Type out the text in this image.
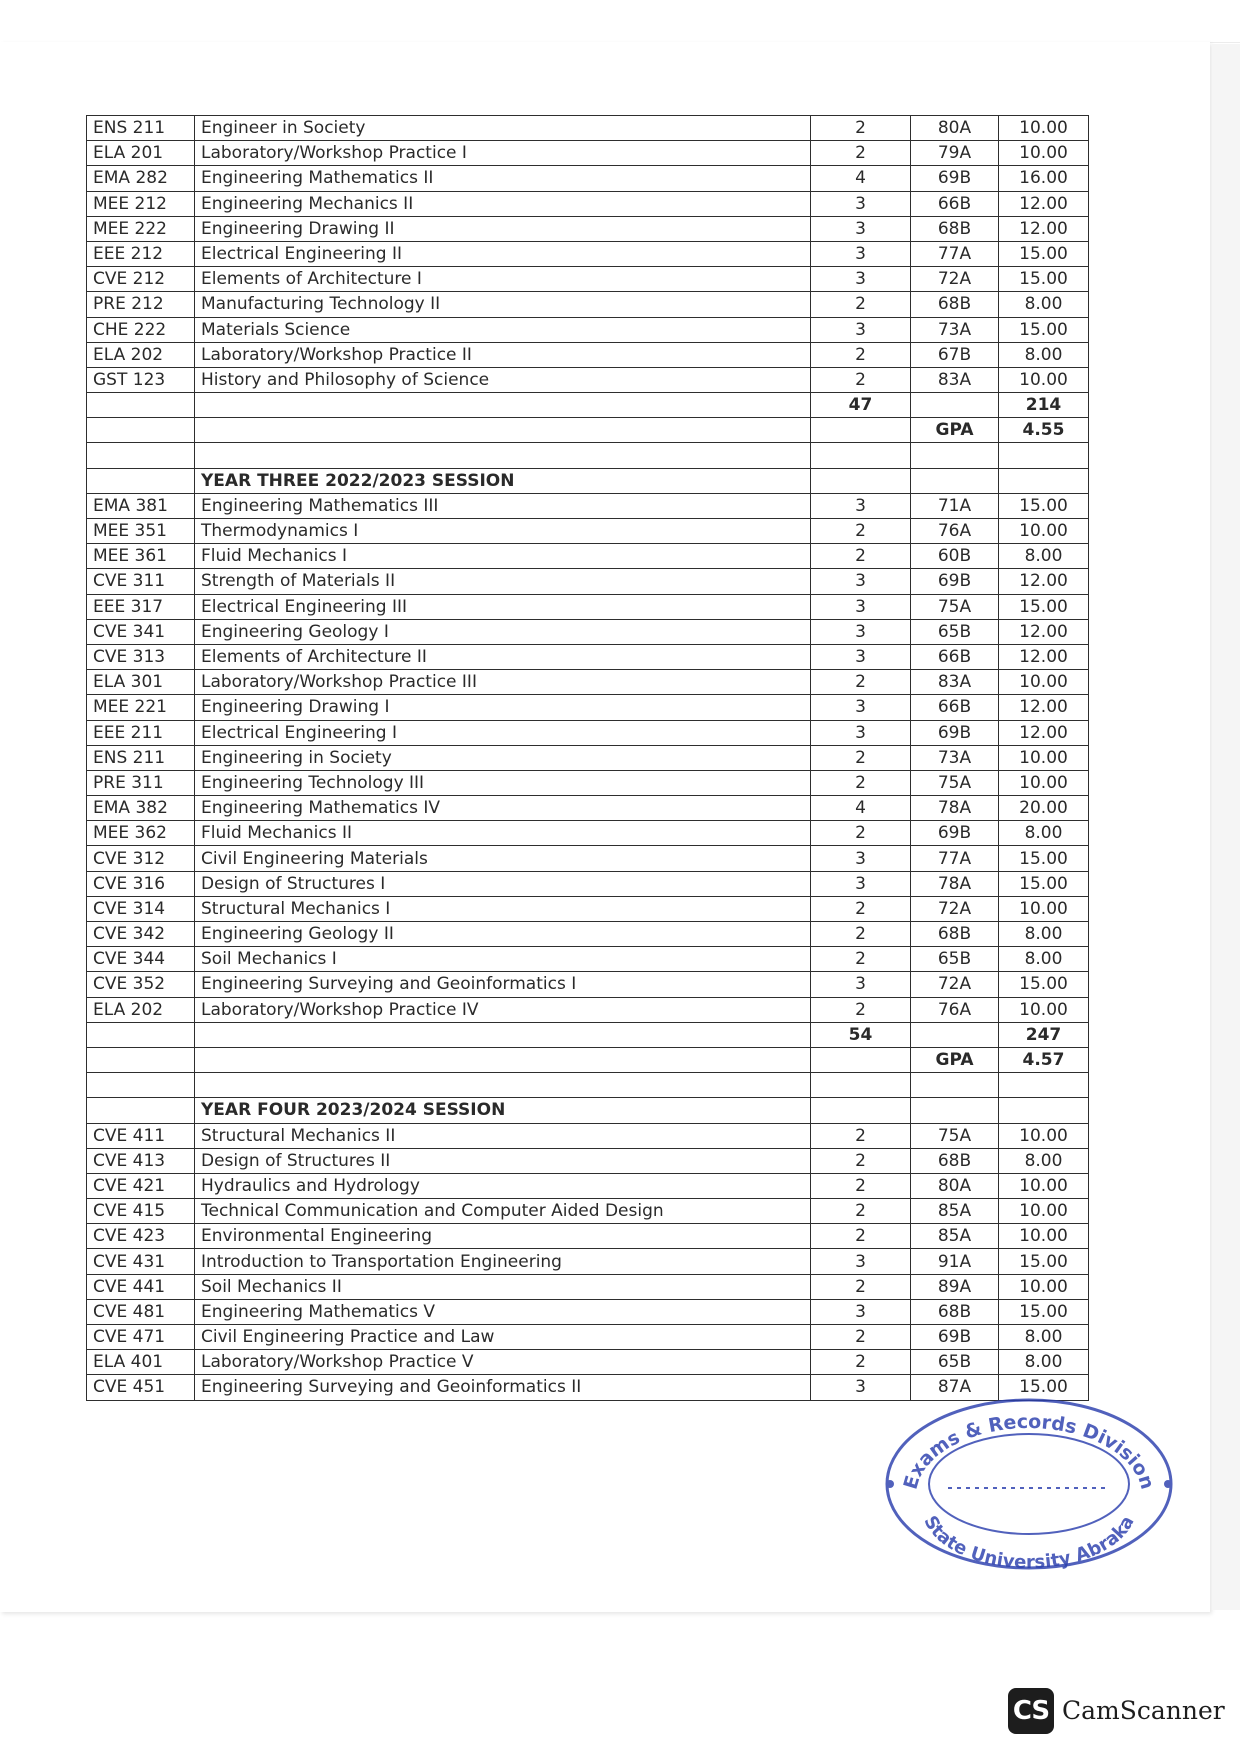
ENS 211	Engineer in Society	2	80A	10.00
ELA 201	Laboratory/Workshop Practice I	2	79A	10.00
EMA 282	Engineering Mathematics II	4	69B	16.00
MEE 212	Engineering Mechanics II	3	66B	12.00
MEE 222	Engineering Drawing II	3	68B	12.00
EEE 212	Electrical Engineering II	3	77A	15.00
CVE 212	Elements of Architecture I	3	72A	15.00
PRE 212	Manufacturing Technology II	2	68B	8.00
CHE 222	Materials Science	3	73A	15.00
ELA 202	Laboratory/Workshop Practice II	2	67B	8.00
GST 123	History and Philosophy of Science	2	83A	10.00
		47		214
			GPA	4.55

	YEAR THREE 2022/2023 SESSION			
EMA 381	Engineering Mathematics III	3	71A	15.00
MEE 351	Thermodynamics I	2	76A	10.00
MEE 361	Fluid Mechanics I	2	60B	8.00
CVE 311	Strength of Materials II	3	69B	12.00
EEE 317	Electrical Engineering III	3	75A	15.00
CVE 341	Engineering Geology I	3	65B	12.00
CVE 313	Elements of Architecture II	3	66B	12.00
ELA 301	Laboratory/Workshop Practice III	2	83A	10.00
MEE 221	Engineering Drawing I	3	66B	12.00
EEE 211	Electrical Engineering I	3	69B	12.00
ENS 211	Engineering in Society	2	73A	10.00
PRE 311	Engineering Technology III	2	75A	10.00
EMA 382	Engineering Mathematics IV	4	78A	20.00
MEE 362	Fluid Mechanics II	2	69B	8.00
CVE 312	Civil Engineering Materials	3	77A	15.00
CVE 316	Design of Structures I	3	78A	15.00
CVE 314	Structural Mechanics I	2	72A	10.00
CVE 342	Engineering Geology II	2	68B	8.00
CVE 344	Soil Mechanics I	2	65B	8.00
CVE 352	Engineering Surveying and Geoinformatics I	3	72A	15.00
ELA 202	Laboratory/Workshop Practice IV	2	76A	10.00
		54		247
			GPA	4.57

	YEAR FOUR 2023/2024 SESSION			
CVE 411	Structural Mechanics II	2	75A	10.00
CVE 413	Design of Structures II	2	68B	8.00
CVE 421	Hydraulics and Hydrology	2	80A	10.00
CVE 415	Technical Communication and Computer Aided Design	2	85A	10.00
CVE 423	Environmental Engineering	2	85A	10.00
CVE 431	Introduction to Transportation Engineering	3	91A	15.00
CVE 441	Soil Mechanics II	2	89A	10.00
CVE 481	Engineering Mathematics V	3	68B	15.00
CVE 471	Civil Engineering Practice and Law	2	69B	8.00
ELA 401	Laboratory/Workshop Practice V	2	65B	8.00
CVE 451	Engineering Surveying and Geoinformatics II	3	87A	15.00
Exams & Records Division
State University Abraka
CS CamScanner
